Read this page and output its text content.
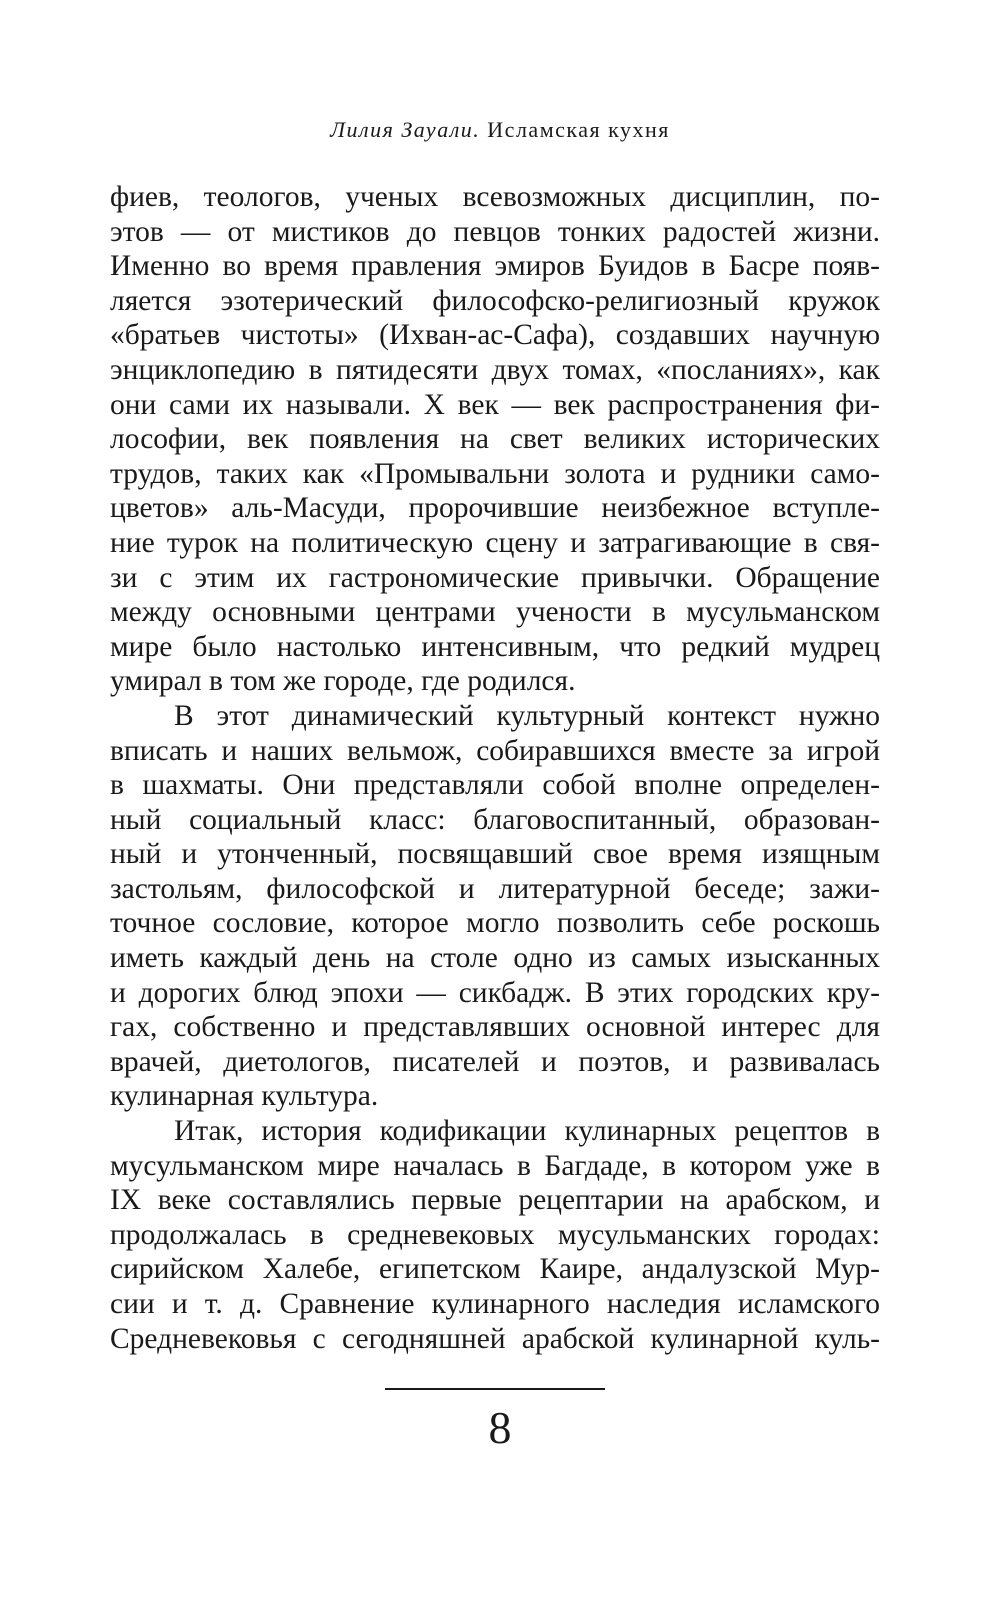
Лилия Зауали. Исламская кухня
фиев, теологов, ученых всевозможных дисциплин, по-
этов — от мистиков до певцов тонких радостей жизни.
Именно во время правления эмиров Буидов в Басре появ-
ляется эзотерический философско-религиозный кружок
«братьев чистоты» (Ихван-ас-Сафа), создавших научную
энциклопедию в пятидесяти двух томах, «посланиях», как
они сами их называли. X век — век распространения фи-
лософии, век появления на свет великих исторических
трудов, таких как «Промывальни золота и рудники само-
цветов» аль-Масуди, пророчившие неизбежное вступле-
ние турок на политическую сцену и затрагивающие в свя-
зи с этим их гастрономические привычки. Обращение
между основными центрами учености в мусульманском
мире было настолько интенсивным, что редкий мудрец
умирал в том же городе, где родился.
В этот динамический культурный контекст нужно
вписать и наших вельмож, собиравшихся вместе за игрой
в шахматы. Они представляли собой вполне определен-
ный социальный класс: благовоспитанный, образован-
ный и утонченный, посвящавший свое время изящным
застольям, философской и литературной беседе; зажи-
точное сословие, которое могло позволить себе роскошь
иметь каждый день на столе одно из самых изысканных
и дорогих блюд эпохи — сикбадж. В этих городских кру-
гах, собственно и представлявших основной интерес для
врачей, диетологов, писателей и поэтов, и развивалась
кулинарная культура.
Итак, история кодификации кулинарных рецептов в
мусульманском мире началась в Багдаде, в котором уже в
IX веке составлялись первые рецептарии на арабском, и
продолжалась в средневековых мусульманских городах:
сирийском Халебе, египетском Каире, андалузской Мур-
сии и т. д. Сравнение кулинарного наследия исламского
Средневековья с сегодняшней арабской кулинарной куль-
8
